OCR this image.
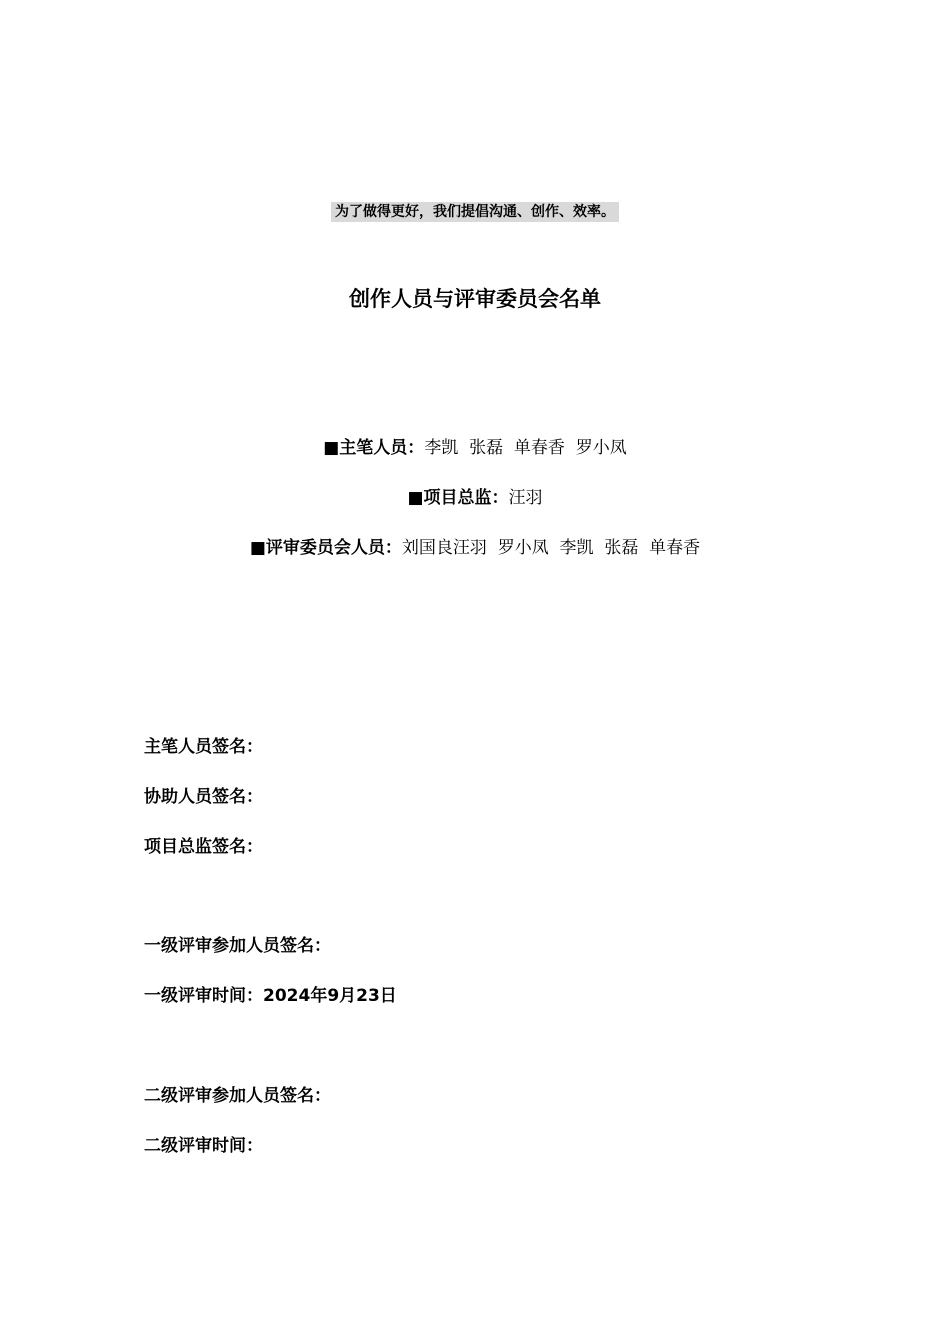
为了做得更好，我们提倡沟通、创作、效率。
创作人员与评审委员会名单
■主笔人员：李凯  张磊  单春香  罗小凤
■项目总监：汪羽
■评审委员会人员：刘国良汪羽  罗小凤  李凯  张磊  单春香
主笔人员签名：
协助人员签名：
项目总监签名：
一级评审参加人员签名：
一级评审时间：2024年9月23日
二级评审参加人员签名：
二级评审时间：
